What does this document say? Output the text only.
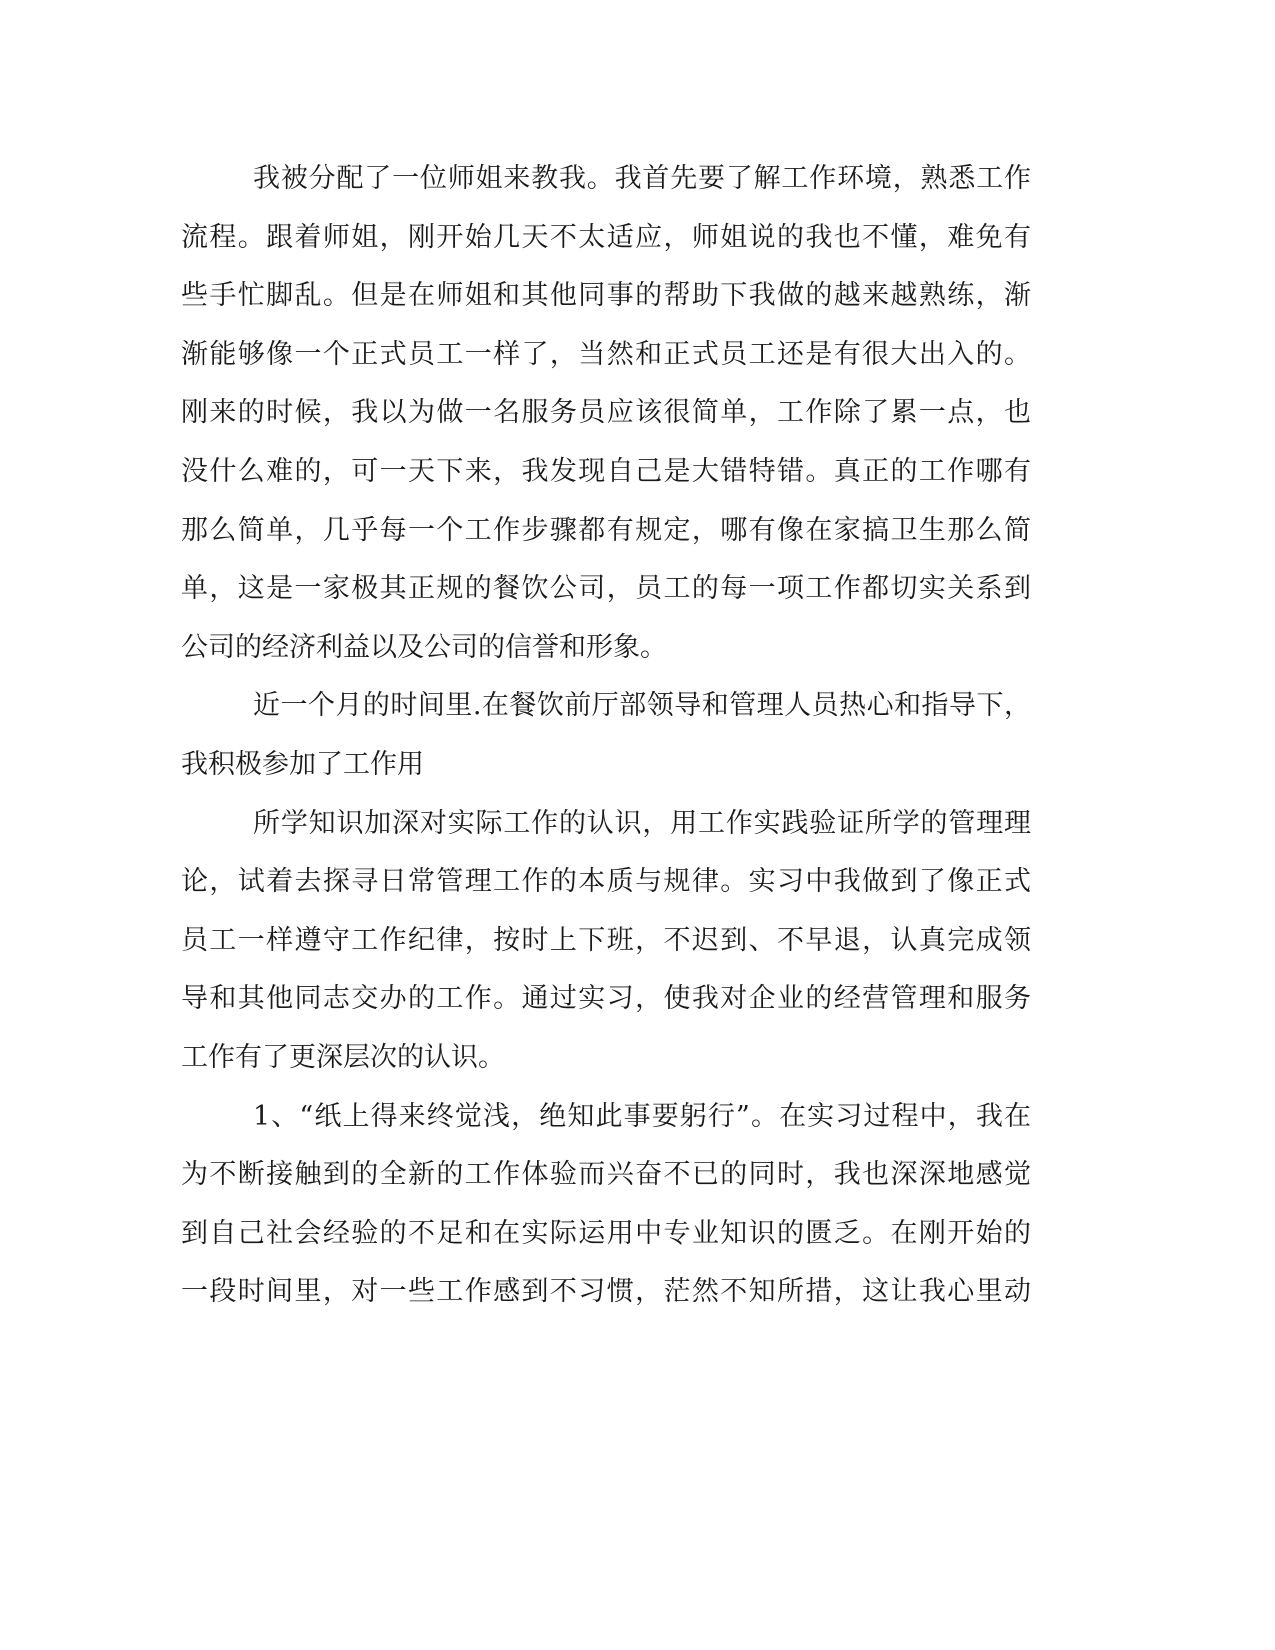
我被分配了一位师姐来教我。我首先要了解工作环境，熟悉工作
流程。跟着师姐，刚开始几天不太适应，师姐说的我也不懂，难免有
些手忙脚乱。但是在师姐和其他同事的帮助下我做的越来越熟练，渐
渐能够像一个正式员工一样了，当然和正式员工还是有很大出入的。
刚来的时候，我以为做一名服务员应该很简单，工作除了累一点，也
没什么难的，可一天下来，我发现自己是大错特错。真正的工作哪有
那么简单，几乎每一个工作步骤都有规定，哪有像在家搞卫生那么简
单，这是一家极其正规的餐饮公司，员工的每一项工作都切实关系到
公司的经济利益以及公司的信誉和形象。
近一个月的时间里.在餐饮前厅部领导和管理人员热心和指导下，
我积极参加了工作用
所学知识加深对实际工作的认识，用工作实践验证所学的管理理
论，试着去探寻日常管理工作的本质与规律。实习中我做到了像正式
员工一样遵守工作纪律，按时上下班，不迟到、不早退，认真完成领
导和其他同志交办的工作。通过实习，使我对企业的经营管理和服务
工作有了更深层次的认识。
1、“纸上得来终觉浅，绝知此事要躬行”。在实习过程中，我在
为不断接触到的全新的工作体验而兴奋不已的同时，我也深深地感觉
到自己社会经验的不足和在实际运用中专业知识的匮乏。在刚开始的
一段时间里，对一些工作感到不习惯，茫然不知所措，这让我心里动
